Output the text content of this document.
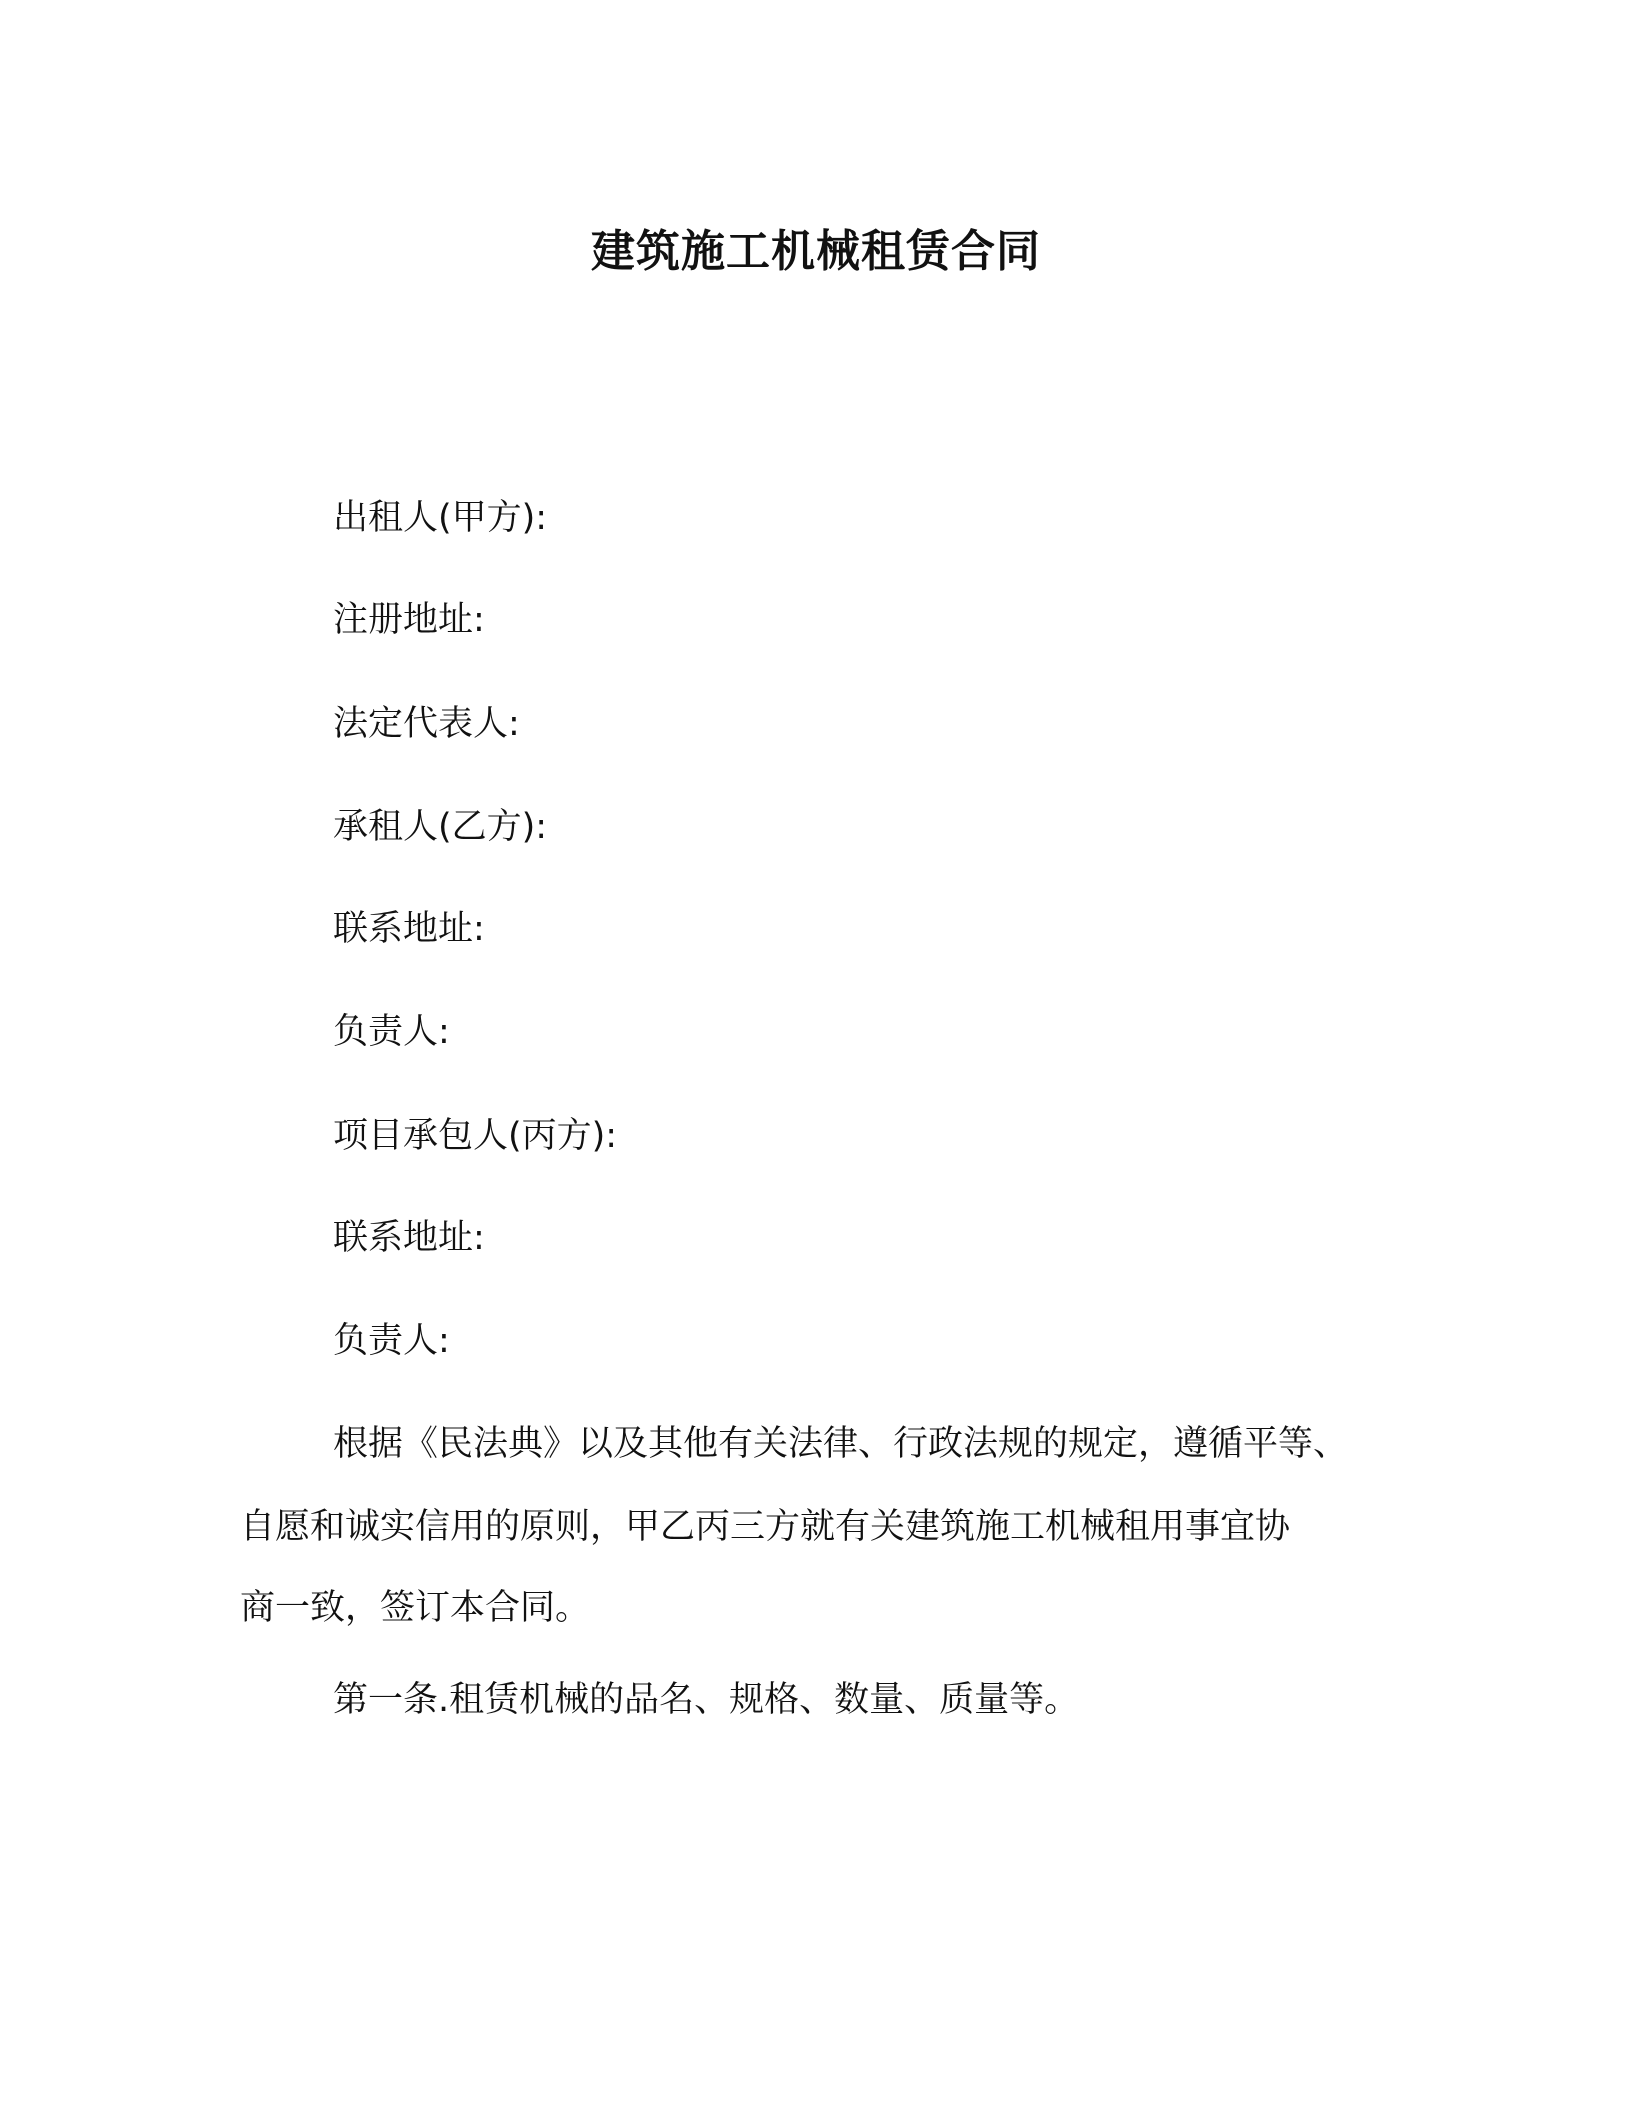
建筑施工机械租赁合同
出租人(甲方):
注册地址:
法定代表人:
承租人(乙方):
联系地址:
负责人:
项目承包人(丙方):
联系地址:
负责人:
根据《民法典》以及其他有关法律、行政法规的规定，遵循平等、
自愿和诚实信用的原则，甲乙丙三方就有关建筑施工机械租用事宜协
商一致，签订本合同。
第一条.租赁机械的品名、规格、数量、质量等。
